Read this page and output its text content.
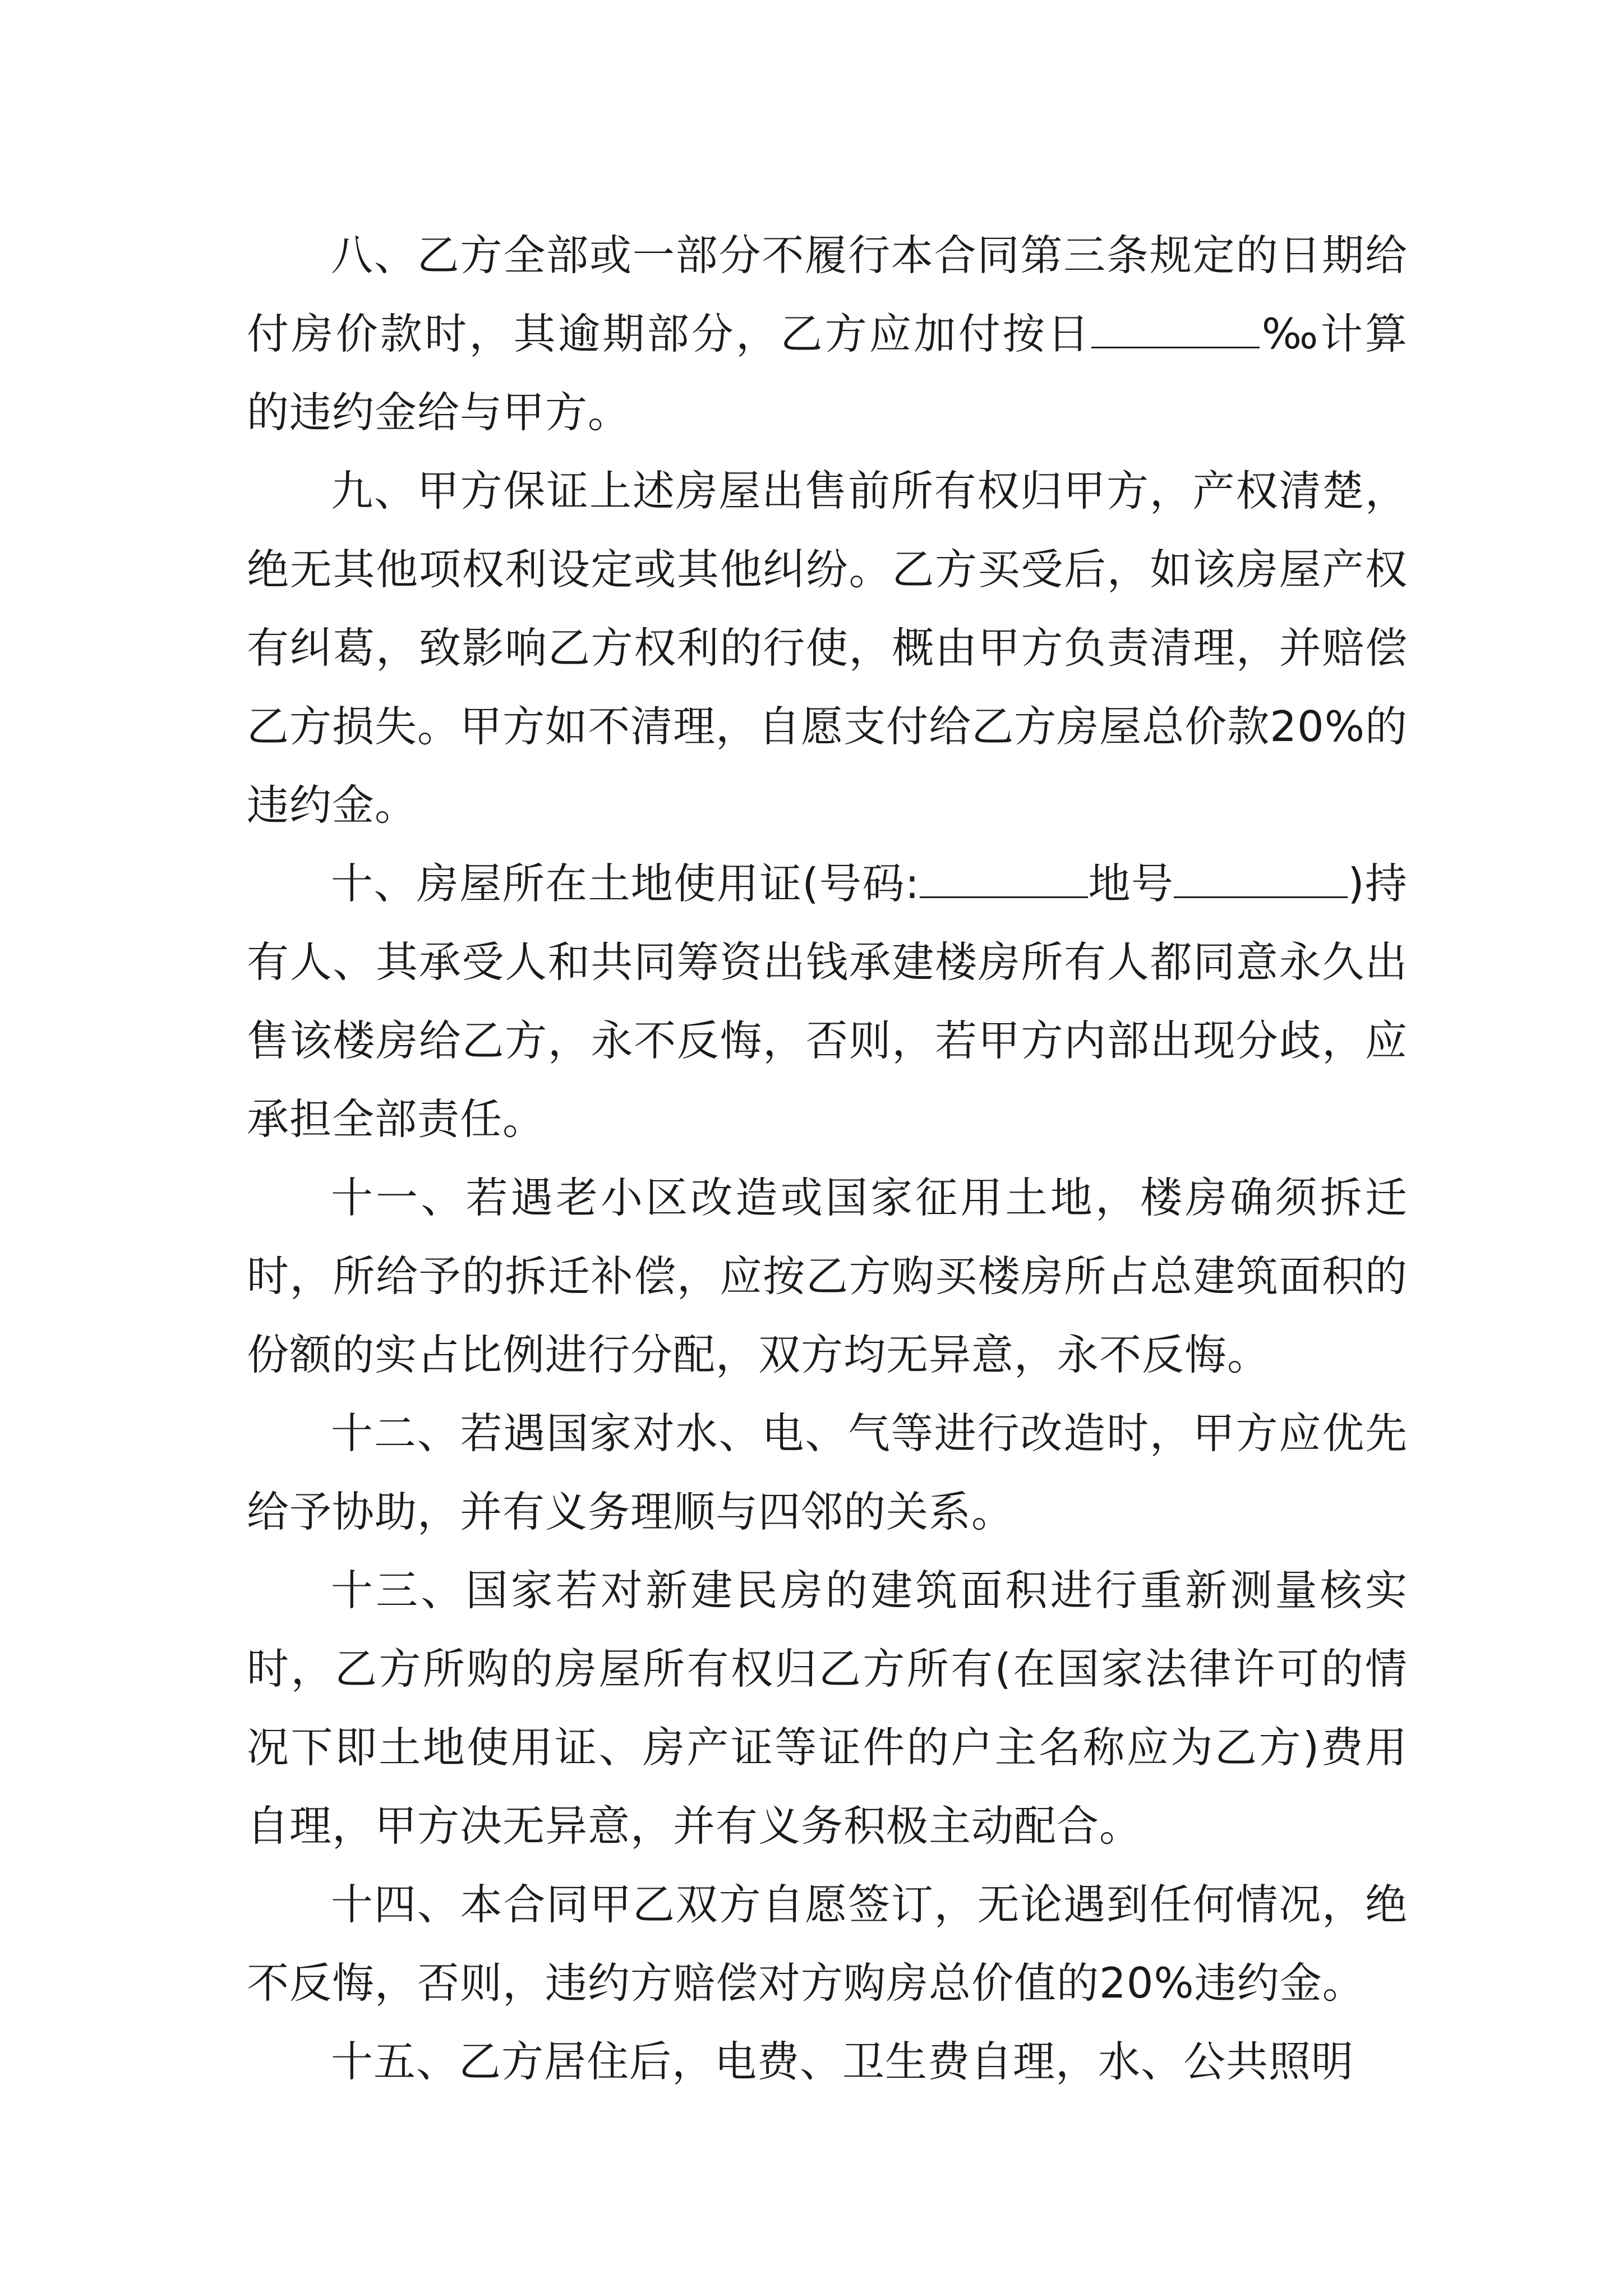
八、乙方全部或一部分不履行本合同第三条规定的日期给付房价款时，其逾期部分，乙方应加付按日	‰计算的违约金给与甲方。

九、甲方保证上述房屋出售前所有权归甲方，产权清楚，绝无其他项权利设定或其他纠纷。乙方买受后，如该房屋产权有纠葛，致影响乙方权利的行使，概由甲方负责清理，并赔偿乙方损失。甲方如不清理，自愿支付给乙方房屋总价款20%的违约金。

十、房屋所在土地使用证(号码:	地号	)持有人、其承受人和共同筹资出钱承建楼房所有人都同意永久出售该楼房给乙方，永不反悔，否则，若甲方内部出现分歧，应承担全部责任。

十一、若遇老小区改造或国家征用土地，楼房确须拆迁时，所给予的拆迁补偿，应按乙方购买楼房所占总建筑面积的份额的实占比例进行分配，双方均无异意，永不反悔。

十二、若遇国家对水、电、气等进行改造时，甲方应优先给予协助，并有义务理顺与四邻的关系。

十三、国家若对新建民房的建筑面积进行重新测量核实时，乙方所购的房屋所有权归乙方所有(在国家法律许可的情况下即土地使用证、房产证等证件的户主名称应为乙方)费用自理，甲方决无异意，并有义务积极主动配合。

十四、本合同甲乙双方自愿签订，无论遇到任何情况，绝不反悔，否则，违约方赔偿对方购房总价值的20%违约金。

十五、乙方居住后，电费、卫生费自理，水、公共照明
